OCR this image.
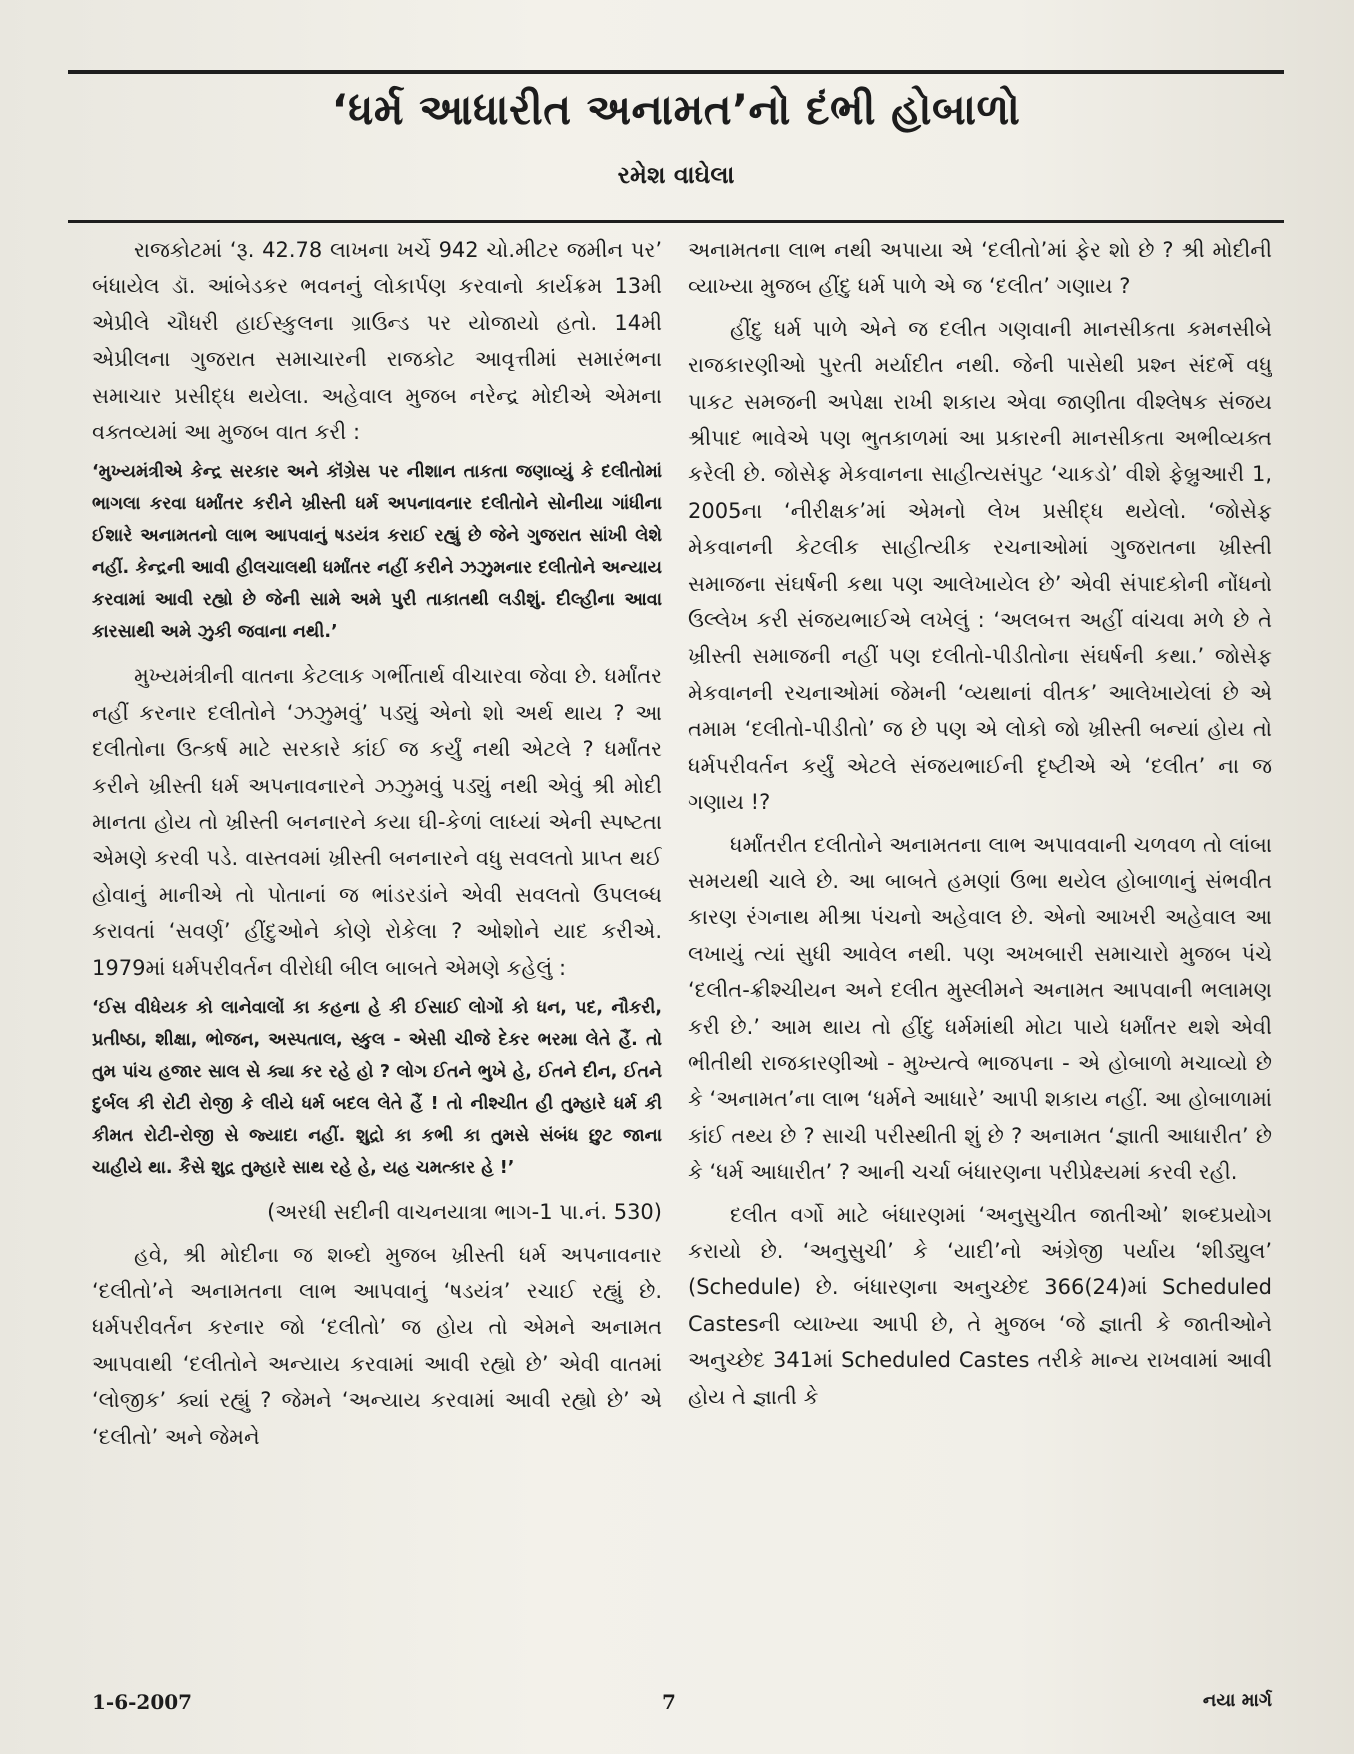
‘ધર્મ આધારીત અનામત’નો દંભી હોબાળો
રમેશ વાઘેલા

રાજકોટમાં ‘રૂ. 42.78 લાખના ખર્ચે 942 ચો.મીટર જમીન પર’ બંધાયેલ ડૉ. આંબેડકર ભવનનું લોકાર્પણ કરવાનો કાર્યક્રમ 13મી એપ્રીલે ચૌધરી હાઈસ્કુલના ગ્રાઉન્ડ પર યોજાયો હતો. 14મી એપ્રીલના ગુજરાત સમાચારની રાજકોટ આવૃત્તીમાં સમારંભના સમાચાર પ્રસીદ્ધ થયેલા. અહેવાલ મુજબ નરેન્દ્ર મોદીએ એમના વક્તવ્યમાં આ મુજબ વાત કરી :

‘મુખ્યમંત્રીએ કેન્દ્ર સરકાર અને કૉંગ્રેસ પર નીશાન તાકતા જણાવ્યું કે દલીતોમાં ભાગલા કરવા ધર્માંતર કરીને ખ્રીસ્તી ધર્મ અપનાવનાર દલીતોને સોનીયા ગાંધીના ઈશારે અનામતનો લાભ આપવાનું ષડયંત્ર કરાઈ રહ્યું છે જેને ગુજરાત સાંખી લેશે નહીં. કેન્દ્રની આવી હીલચાલથી ધર્માંતર નહીં કરીને ઝઝુમનાર દલીતોને અન્યાય કરવામાં આવી રહ્યો છે જેની સામે અમે પુરી તાકાતથી લડીશું. દીલ્હીના આવા કારસાથી અમે ઝુકી જવાના નથી.’

મુખ્યમંત્રીની વાતના કેટલાક ગર્ભીતાર્થ વીચારવા જેવા છે. ધર્માંતર નહીં કરનાર દલીતોને ‘ઝઝુમવું’ પડ્યું એનો શો અર્થ થાય ? આ દલીતોના ઉત્કર્ષ માટે સરકારે કાંઈ જ કર્યું નથી એટલે ? ધર્માંતર કરીને ખ્રીસ્તી ધર્મ અપનાવનારને ઝઝુમવું પડ્યું નથી એવું શ્રી મોદી માનતા હોય તો ખ્રીસ્તી બનનારને કયા ઘી-કેળાં લાધ્યાં એની સ્પષ્ટતા એમણે કરવી પડે. વાસ્તવમાં ખ્રીસ્તી બનનારને વધુ સવલતો પ્રાપ્ત થઈ હોવાનું માનીએ તો પોતાનાં જ ભાંડરડાંને એવી સવલતો ઉપલબ્ધ કરાવતાં ‘સવર્ણ’ હીંદુઓને કોણે રોકેલા ? ઓશોને યાદ કરીએ. 1979માં ધર્મપરીવર્તન વીરોધી બીલ બાબતે એમણે કહેલું :

‘ઈસ વીધેયક કો લાનેવાલોં કા કહના હે કી ઈસાઈ લોગોં કો ધન, પદ, નૌકરી, પ્રતીષ્ઠા, શીક્ષા, ભોજન, અસ્પતાલ, સ્કુલ - એસી ચીજે દેકર ભરમા લેતે હૈં. તો તુમ પાંચ હજાર સાલ સે ક્યા કર રહે હો ? લોગ ઈતને ભુખે હે, ઈતને દીન, ઈતને દુર્બલ કી રોટી રોજી કે લીયે ધર્મ બદલ લેતે હૈં ! તો નીશ્ચીત હી તુમ્હારે ધર્મ કી કીમત રોટી-રોજી સે જ્યાદા નહીં. શુદ્રો કા કભી કા તુમસે સંબંધ છુટ જાના ચાહીયે થા. કૈસે શુદ્ર તુમ્હારે સાથ રહે હે, યહ ચમત્કાર હે !’

(અરધી સદીની વાચનયાત્રા ભાગ-1 પા.નં. 530)

હવે, શ્રી મોદીના જ શબ્દો મુજબ ખ્રીસ્તી ધર્મ અપનાવનાર ‘દલીતો’ને અનામતના લાભ આપવાનું ‘ષડયંત્ર’ રચાઈ રહ્યું છે. ધર્મપરીવર્તન કરનાર જો ‘દલીતો’ જ હોય તો એમને અનામત આપવાથી ‘દલીતોને અન્યાય કરવામાં આવી રહ્યો છે’ એવી વાતમાં ‘લોજીક’ ક્યાં રહ્યું ? જેમને ‘અન્યાય કરવામાં આવી રહ્યો છે’ એ ‘દલીતો’ અને જેમને

અનામતના લાભ નથી અપાયા એ ‘દલીતો’માં ફેર શો છે ? શ્રી મોદીની વ્યાખ્યા મુજબ હીંદુ ધર્મ પાળે એ જ ‘દલીત’ ગણાય ?

હીંદુ ધર્મ પાળે એને જ દલીત ગણવાની માનસીકતા કમનસીબે રાજકારણીઓ પુરતી મર્યાદીત નથી. જેની પાસેથી પ્રશ્ન સંદર્ભે વધુ પાકટ સમજની અપેક્ષા રાખી શકાય એવા જાણીતા વીશ્લેષક સંજય શ્રીપાદ ભાવેએ પણ ભુતકાળમાં આ પ્રકારની માનસીકતા અભીવ્યક્ત કરેલી છે. જોસેફ મેકવાનના સાહીત્યસંપુટ ‘ચાકડો’ વીશે ફેબ્રુઆરી 1, 2005ના ‘નીરીક્ષક’માં એમનો લેખ પ્રસીદ્ધ થયેલો. ‘જોસેફ મેકવાનની કેટલીક સાહીત્યીક રચનાઓમાં ગુજરાતના ખ્રીસ્તી સમાજના સંઘર્ષની કથા પણ આલેખાયેલ છે’ એવી સંપાદકોની નોંધનો ઉલ્લેખ કરી સંજયભાઈએ લખેલું : ‘અલબત્ત અહીં વાંચવા મળે છે તે ખ્રીસ્તી સમાજની નહીં પણ દલીતો-પીડીતોના સંઘર્ષની કથા.’ જોસેફ મેકવાનની રચનાઓમાં જેમની ‘વ્યથાનાં વીતક’ આલેખાયેલાં છે એ તમામ ‘દલીતો-પીડીતો’ જ છે પણ એ લોકો જો ખ્રીસ્તી બન્યાં હોય તો ધર્મપરીવર્તન કર્યું એટલે સંજયભાઈની દૃષ્ટીએ એ ‘દલીત’ ના જ ગણાય !?

ધર્માંતરીત દલીતોને અનામતના લાભ અપાવવાની ચળવળ તો લાંબા સમયથી ચાલે છે. આ બાબતે હમણાં ઉભા થયેલ હોબાળાનું સંભવીત કારણ રંગનાથ મીશ્રા પંચનો અહેવાલ છે. એનો આખરી અહેવાલ આ લખાયું ત્યાં સુધી આવેલ નથી. પણ અખબારી સમાચારો મુજબ પંચે ‘દલીત-ક્રીશ્ચીયન અને દલીત મુસ્લીમને અનામત આપવાની ભલામણ કરી છે.’ આમ થાય તો હીંદુ ધર્મમાંથી મોટા પાયે ધર્માંતર થશે એવી ભીતીથી રાજકારણીઓ - મુખ્યત્વે ભાજપના - એ હોબાળો મચાવ્યો છે કે ‘અનામત’ના લાભ ‘ધર્મને આધારે’ આપી શકાય નહીં. આ હોબાળામાં કાંઈ તથ્ય છે ? સાચી પરીસ્થીતી શું છે ? અનામત ‘જ્ઞાતી આધારીત’ છે કે ‘ધર્મ આધારીત’ ? આની ચર્ચા બંધારણના પરીપ્રેક્ષ્યમાં કરવી રહી.

દલીત વર્ગો માટે બંધારણમાં ‘અનુસુચીત જાતીઓ’ શબ્દપ્રયોગ કરાયો છે. ‘અનુસુચી’ કે ‘યાદી’નો અંગ્રેજી પર્યાય ‘શીડ્યુલ’ (Schedule) છે. બંધારણના અનુચ્છેદ 366(24)માં Scheduled Castesની વ્યાખ્યા આપી છે, તે મુજબ ‘જે જ્ઞાતી કે જાતીઓને અનુચ્છેદ 341માં Scheduled Castes તરીકે માન્ય રાખવામાં આવી હોય તે જ્ઞાતી કે

1-6-2007	7	નયા માર્ગ
